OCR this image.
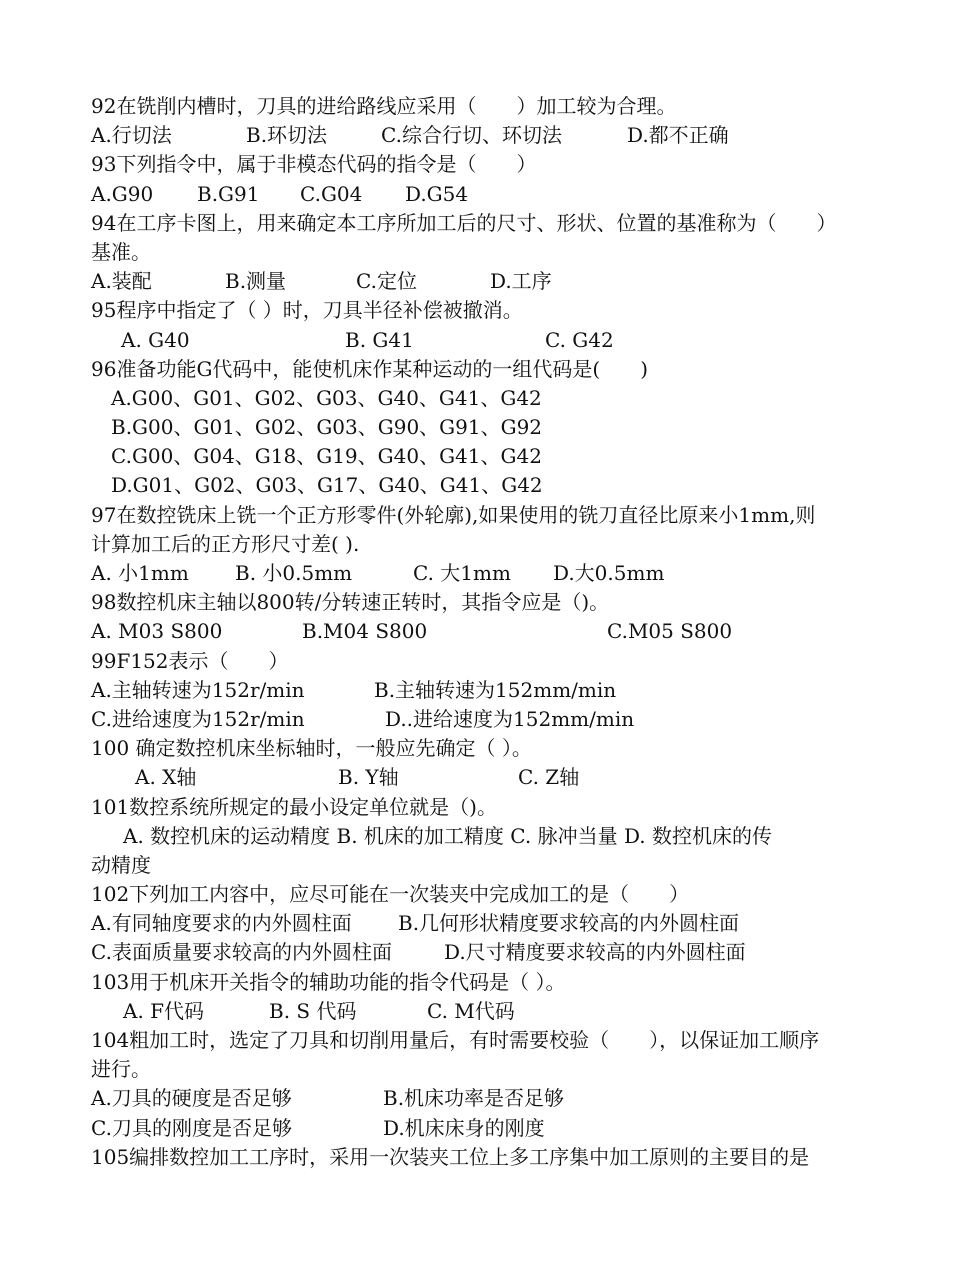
92在铣削内槽时，刀具的进给路线应采用（　　）加工较为合理。
A.行切法	B.环切法	C.综合行切、环切法	D.都不正确
93下列指令中，属于非模态代码的指令是（　　）
A.G90	B.G91	C.G04	D.G54
94在工序卡图上，用来确定本工序所加工后的尺寸、形状、位置的基准称为（　　）
基准。
A.装配	B.测量	C.定位	D.工序
95程序中指定了（ ）时，刀具半径补偿被撤消。
A. G40	B. G41	C. G42
96准备功能G代码中，能使机床作某种运动的一组代码是(　　)
A.G00、G01、G02、G03、G40、G41、G42
B.G00、G01、G02、G03、G90、G91、G92
C.G00、G04、G18、G19、G40、G41、G42
D.G01、G02、G03、G17、G40、G41、G42
97在数控铣床上铣一个正方形零件(外轮廓),如果使用的铣刀直径比原来小1mm,则
计算加工后的正方形尺寸差( ).
A. 小1mm	B. 小0.5mm	C. 大1mm	D.大0.5mm
98数控机床主轴以800转/分转速正转时，其指令应是（)。
A. M03 S800	B.M04 S800	C.M05 S800
99F152表示（　　）
A.主轴转速为152r/min	B.主轴转速为152mm/min
C.进给速度为152r/min	D..进给速度为152mm/min
100 确定数控机床坐标轴时，一般应先确定（ ）。
A. X轴	B. Y轴	C. Z轴
101数控系统所规定的最小设定单位就是（)。
A. 数控机床的运动精度 B. 机床的加工精度 C. 脉冲当量 D. 数控机床的传
动精度
102下列加工内容中，应尽可能在一次装夹中完成加工的是（　　）
A.有同轴度要求的内外圆柱面	B.几何形状精度要求较高的内外圆柱面
C.表面质量要求较高的内外圆柱面	D.尺寸精度要求较高的内外圆柱面
103用于机床开关指令的辅助功能的指令代码是（ ）。
A. F代码	B. S 代码	C. M代码
104粗加工时，选定了刀具和切削用量后，有时需要校验（　　），以保证加工顺序
进行。
A.刀具的硬度是否足够	B.机床功率是否足够
C.刀具的刚度是否足够	D.机床床身的刚度
105编排数控加工工序时，采用一次装夹工位上多工序集中加工原则的主要目的是
